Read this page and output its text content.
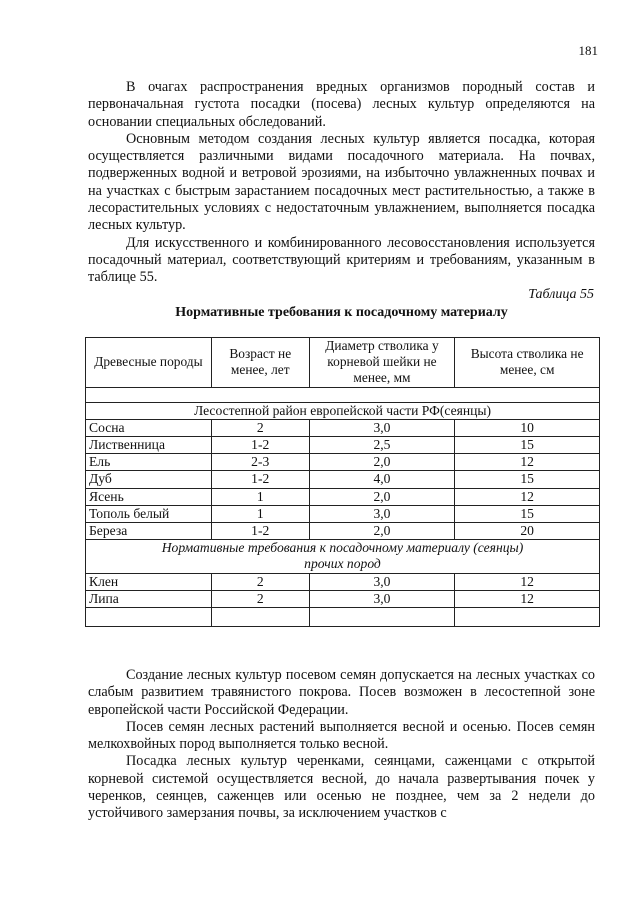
181

В очагах распространения вредных организмов породный состав и первоначальная густота посадки (посева) лесных культур определяются на основании специальных обследований.

Основным методом создания лесных культур является посадка, которая осуществляется различными видами посадочного материала. На почвах, подверженных водной и ветровой эрозиями, на избыточно увлажненных почвах и на участках с быстрым зарастанием посадочных мест растительностью, а также в лесорастительных условиях с недостаточным увлажнением, выполняется посадка лесных культур.

Для искусственного и комбинированного лесовосстановления используется посадочный материал, соответствующий критериям и требованиям, указанным в таблице 55.

Таблица 55
Нормативные требования к посадочному материалу
Древесные породы	Возраст не менее, лет	Диаметр стволика у корневой шейки не менее, мм	Высота стволика не менее, см

Лесостепной район европейской части РФ(сеянцы)			
Сосна	2	3,0	10
Лиственница	1-2	2,5	15
Ель	2-3	2,0	12
Дуб	1-2	4,0	15
Ясень	1	2,0	12
Тополь белый	1	3,0	15
Береза	1-2	2,0	20

Нормативные требования к посадочному материалу (сеянцы)
прочих пород			

Клен	2	3,0	12
Липа	2	3,0	12

Создание лесных культур посевом семян допускается на лесных участках со слабым развитием травянистого покрова. Посев возможен в лесостепной зоне европейской части Российской Федерации.

Посев семян лесных растений выполняется весной и осенью. Посев семян мелкохвойных пород выполняется только весной.

Посадка лесных культур черенками, сеянцами, саженцами с открытой корневой системой осуществляется весной, до начала развертывания почек у черенков, сеянцев, саженцев или осенью не позднее, чем за 2 недели до устойчивого замерзания почвы, за исключением участков с
